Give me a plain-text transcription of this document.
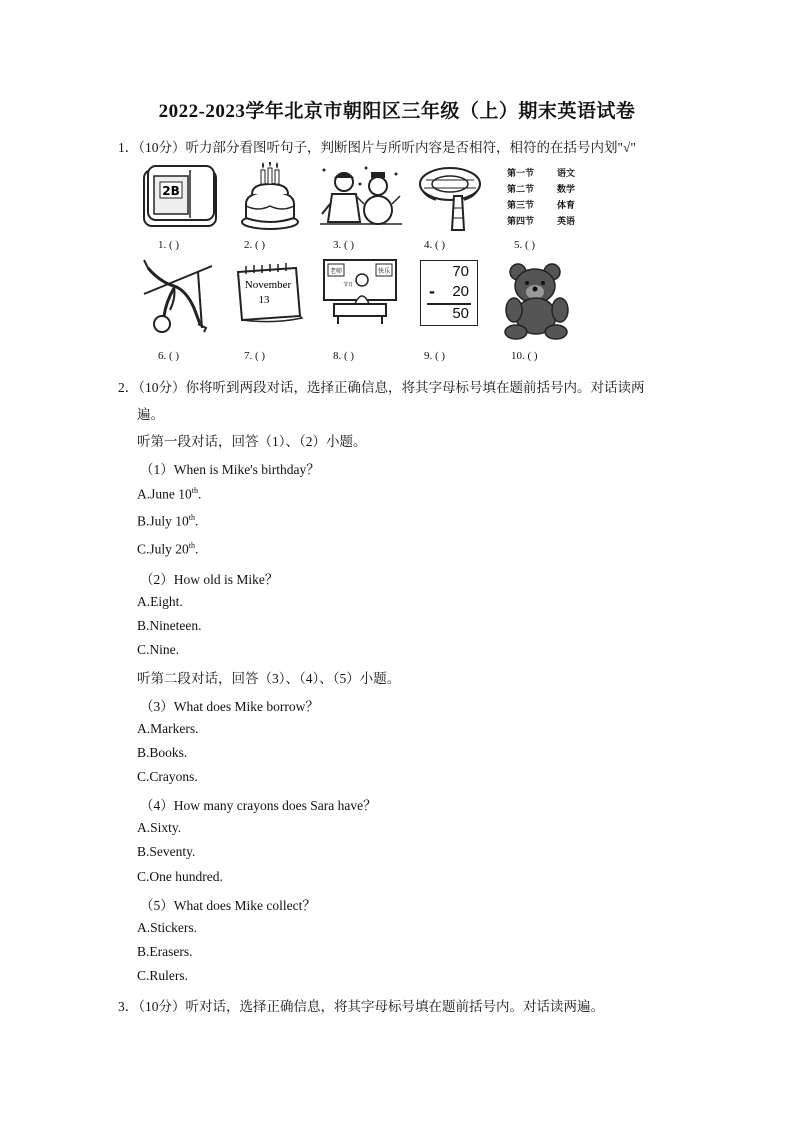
2022-2023学年北京市朝阳区三年级（上）期末英语试卷
1．（10分）听力部分看图听句子，判断图片与所听内容是否相符，相符的在括号内划"√"
2B
第一节	语文
第二节	数学
第三节	体育
第四节	英语
1. ( )	2. ( )	3. ( )	4. ( )	5. ( )
November
13
老师	快乐
节日
70
- 20
50
6. ( )	7. ( )	8. ( )	9. ( )	10. ( )
2．（10分）你将听到两段对话，选择正确信息，将其字母标号填在题前括号内。对话读两
遍。
听第一段对话，回答（1）、（2）小题。
（1）When is Mike's birthday？
A.June 10th.
B.July 10th.
C.July 20th.
（2）How old is Mike？
A.Eight.
B.Nineteen.
C.Nine.
听第二段对话，回答（3）、（4）、（5）小题。
（3）What does Mike borrow？
A.Markers.
B.Books.
C.Crayons.
（4）How many crayons does Sara have？
A.Sixty.
B.Seventy.
C.One hundred.
（5）What does Mike collect？
A.Stickers.
B.Erasers.
C.Rulers.
3．（10分）听对话，选择正确信息，将其字母标号填在题前括号内。对话读两遍。
